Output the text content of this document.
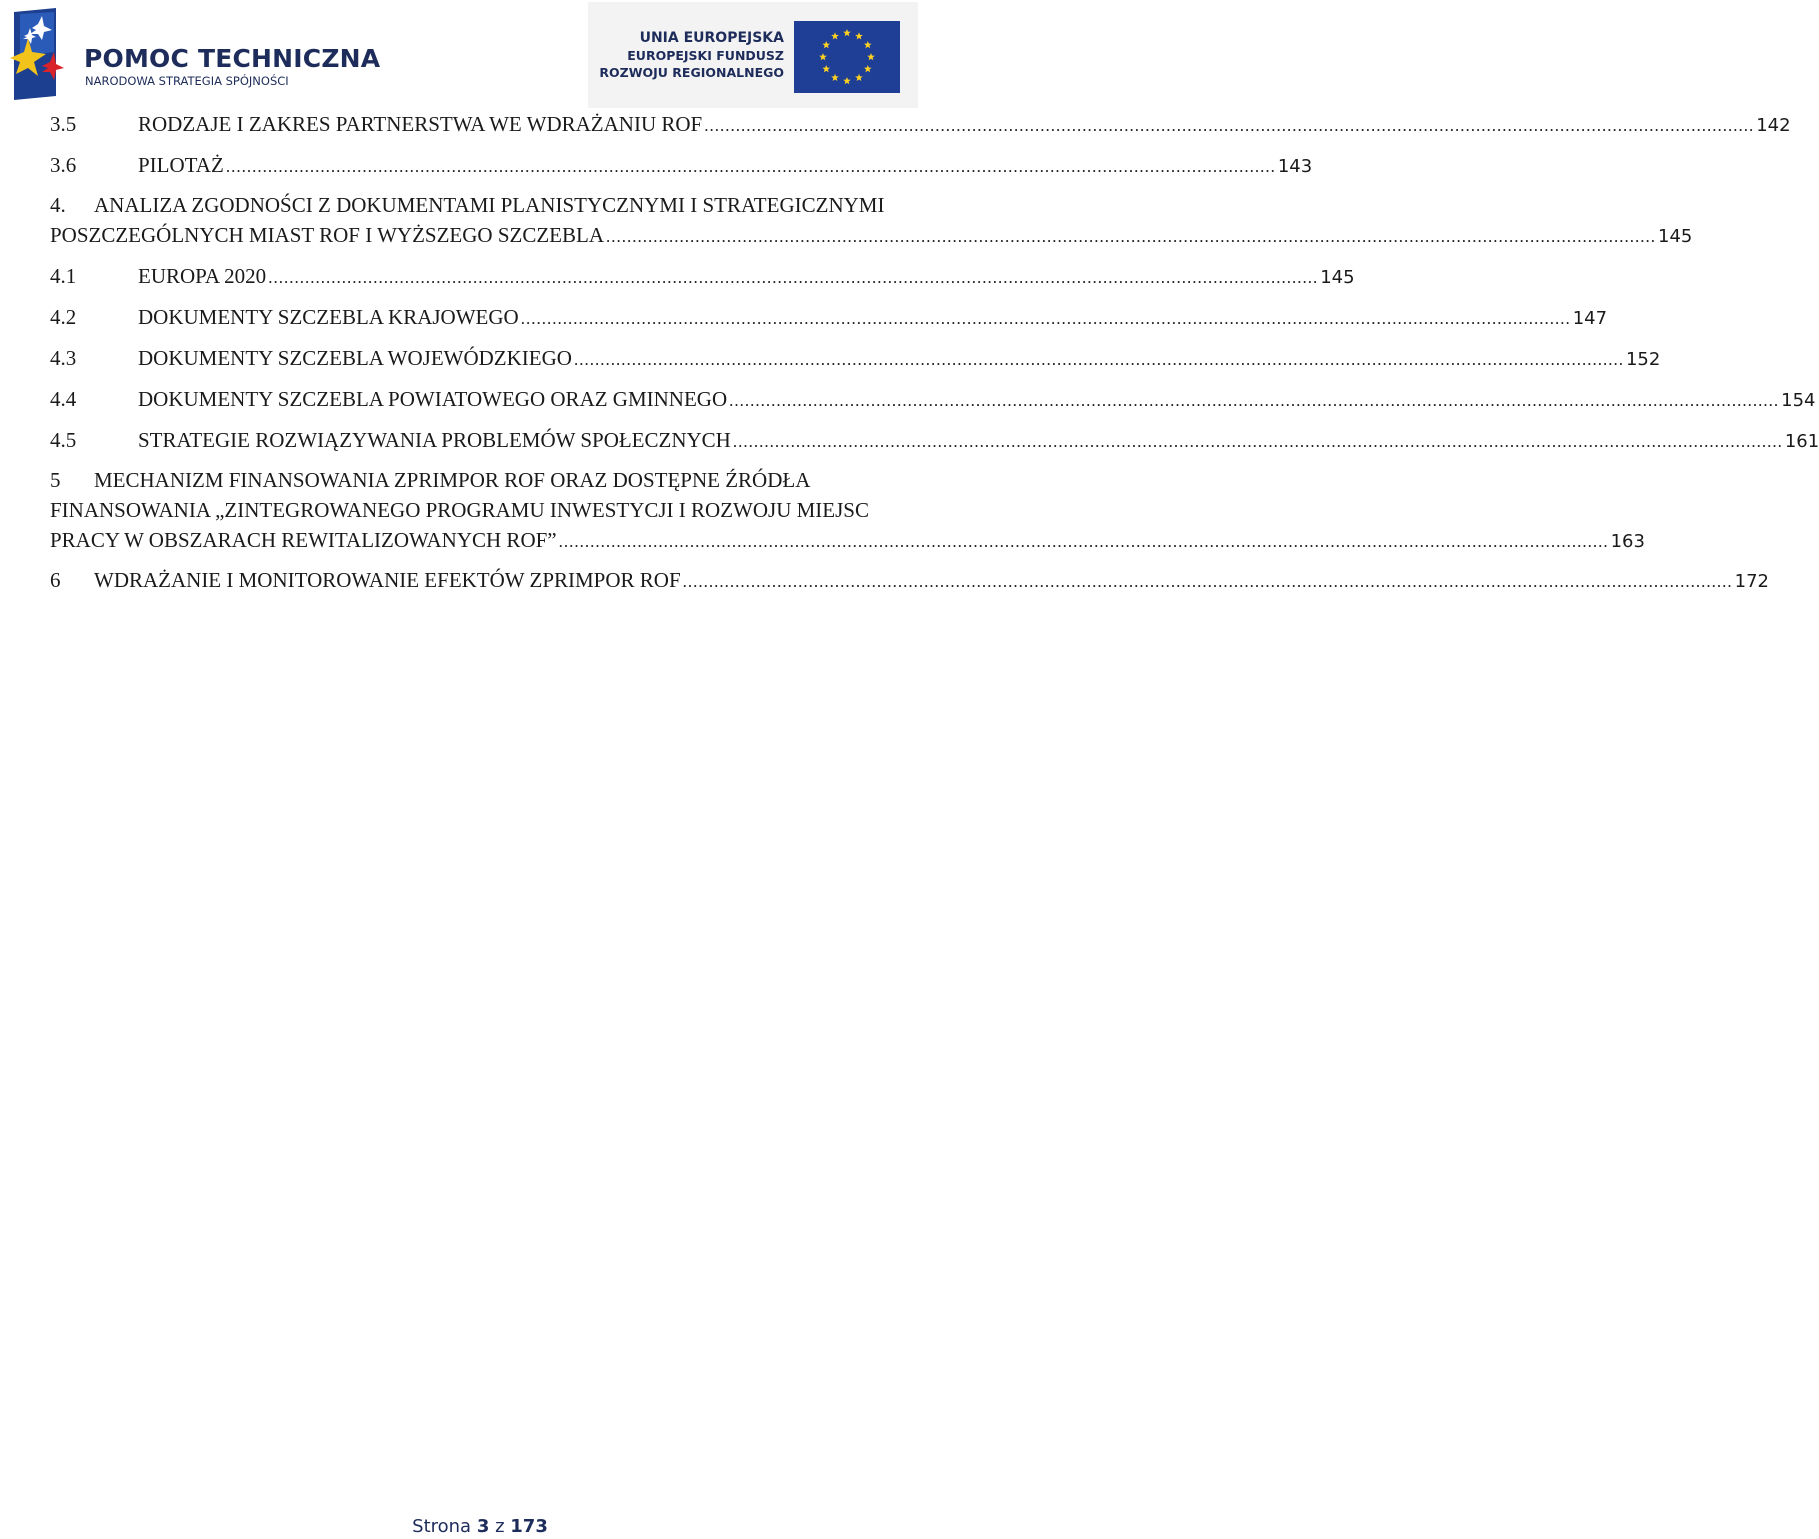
POMOC TECHNICZNA
NARODOWA STRATEGIA SPÓJNOŚCI
UNIA EUROPEJSKA
EUROPEJSKI FUNDUSZ
ROZWOJU REGIONALNEGO
3.5	RODZAJE I ZAKRES PARTNERSTWA WE WDRAŻANIU ROF ........................................................................................................................................................................................................ 142
3.6	PILOTAŻ ........................................................................................................................................................................................................ 143
4.	ANALIZA ZGODNOŚCI Z DOKUMENTAMI PLANISTYCZNYMI I STRATEGICZNYMI
POSZCZEGÓLNYCH MIAST ROF I WYŻSZEGO SZCZEBLA ........................................................................................................................................................................................................ 145
4.1	EUROPA 2020 ........................................................................................................................................................................................................ 145
4.2	DOKUMENTY SZCZEBLA KRAJOWEGO ........................................................................................................................................................................................................ 147
4.3	DOKUMENTY SZCZEBLA WOJEWÓDZKIEGO ........................................................................................................................................................................................................ 152
4.4	DOKUMENTY SZCZEBLA POWIATOWEGO ORAZ GMINNEGO ........................................................................................................................................................................................................ 154
4.5	STRATEGIE ROZWIĄZYWANIA PROBLEMÓW SPOŁECZNYCH ........................................................................................................................................................................................................ 161
5	MECHANIZM FINANSOWANIA ZPRIMPOR ROF ORAZ DOSTĘPNE ŹRÓDŁA
FINANSOWANIA „ZINTEGROWANEGO PROGRAMU INWESTYCJI I ROZWOJU MIEJSC
PRACY W OBSZARACH REWITALIZOWANYCH ROF” ........................................................................................................................................................................................................ 163
6	WDRAŻANIE I MONITOROWANIE EFEKTÓW ZPRIMPOR ROF ........................................................................................................................................................................................................ 172
Strona 3 z 173
